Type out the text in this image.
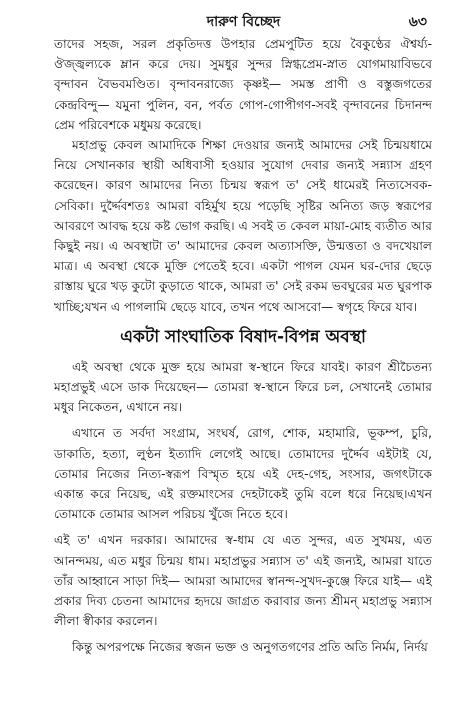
দারুণ বিচ্ছেদ	৬৩

তাদের সহজ, সরল প্রকৃতিদত্ত উপহার প্রেমপুটিত হয়ে বৈকুণ্ঠের ঐশ্বর্য্য-ঔজ্জ্বল্যকে ম্লান করে দেয়। সুমধুর সুন্দর স্নিগ্ধপ্রেম-স্নাত যোগমায়াবিভবে বৃন্দাবন বৈভবমণ্ডিত। বৃন্দাবনরাজ্যে কৃষ্ণই— সমস্ত প্রাণী ও বস্তুজগতের কেন্দ্রবিন্দু— যমুনা পুলিন, বন, পর্বত গোপ-গোপীগণ-সবই বৃন্দাবনের চিদানন্দ প্রেম পরিবেশকে মধুময় করেছে।

মহাপ্রভু কেবল আমাদিকে শিক্ষা দেওয়ার জন্যই আমাদের সেই চিন্ময়ধামে নিয়ে সেখানকার স্থায়ী অধিবাসী হওয়ার সুযোগ দেবার জন্যই সন্ন্যাস গ্রহণ করেছেন। কারণ আমাদের নিত্য চিন্ময় স্বরূপ ত' সেই ধামেরই নিত্যসেবক-সেবিকা। দুর্দ্দৈবশতঃ আমরা বহির্মুখ হয়ে পড়েছি সৃষ্টির অনিত্য জড় স্বরূপের আবরণে আবদ্ধ হয়ে কষ্ট ভোগ করছি। এ সবই ত কেবল মায়া-মোহ ব্যতীত আর কিছুই নয়। এ অবস্থাটা ত' আমাদের কেবল অত্যাসক্তি, উন্মত্ততা ও বদখেয়াল মাত্র। এ অবস্থা থেকে মুক্তি পেতেই হবে। একটা পাগল যেমন ঘর-দোর ছেড়ে রাস্তায় ঘুরে খড় কুটো কুড়াতে থাকে, আমরা ত' সেই রকম ভবঘুরের মত ঘুরপাক খাচ্ছি;যখন এ পাগলামি ছেড়ে যাবে, তখন পথে আসবো— স্বগৃহে ফিরে যাব।

একটা সাংঘাতিক বিষাদ-বিপন্ন অবস্থা

এই অবস্থা থেকে মুক্ত হয়ে আমরা স্ব-স্থানে ফিরে যাবই। কারণ শ্রীচৈতন্য মহাপ্রভুই এসে ডাক দিয়েছেন— তোমরা স্ব-স্থানে ফিরে চল, সেখানেই তোমার মধুর নিকেতন, এখানে নয়।

এখানে ত সর্বদা সংগ্রাম, সংঘর্ষ, রোগ, শোক, মহামারি, ভূকম্প, চুরি, ডাকাতি, হত্যা, লুণ্ঠন ইত্যাদি লেগেই আছে। তোমাদের দুর্দ্দৈব এইটাই যে, তোমার নিজের নিত্য-স্বরূপ বিস্মৃত হয়ে এই দেহ-গেহ, সংসার, জগৎটাকে একান্ত করে নিয়েছ, এই রক্তমাংসের দেহটাকেই তুমি বলে ধরে নিয়েছ।এখন তোমাকে তোমার আসল পরিচয় খুঁজে নিতে হবে।

এই ত' এখন দরকার। আমাদের স্ব-ধাম যে এত সুন্দর, এত সুখময়, এত আনন্দময়, এত মধুর চিন্ময় ধাম। মহাপ্রভুর সন্ন্যাস ত' এই জন্যই, আমরা যাতে তাঁর আহ্বানে সাড়া দিই— আমরা আমাদের স্বানন্দ-সুখদ-কুঞ্জে ফিরে যাই— এই প্রকার দিব্য চেতনা আমাদের হৃদয়ে জাগ্রত করাবার জন্য শ্রীমন্ মহাপ্রভু সন্ন্যাস লীলা স্বীকার করলেন।

কিন্তু অপরপক্ষে নিজের স্বজন ভক্ত ও অনুগতগণের প্রতি অতি নির্মম, নির্দয়
